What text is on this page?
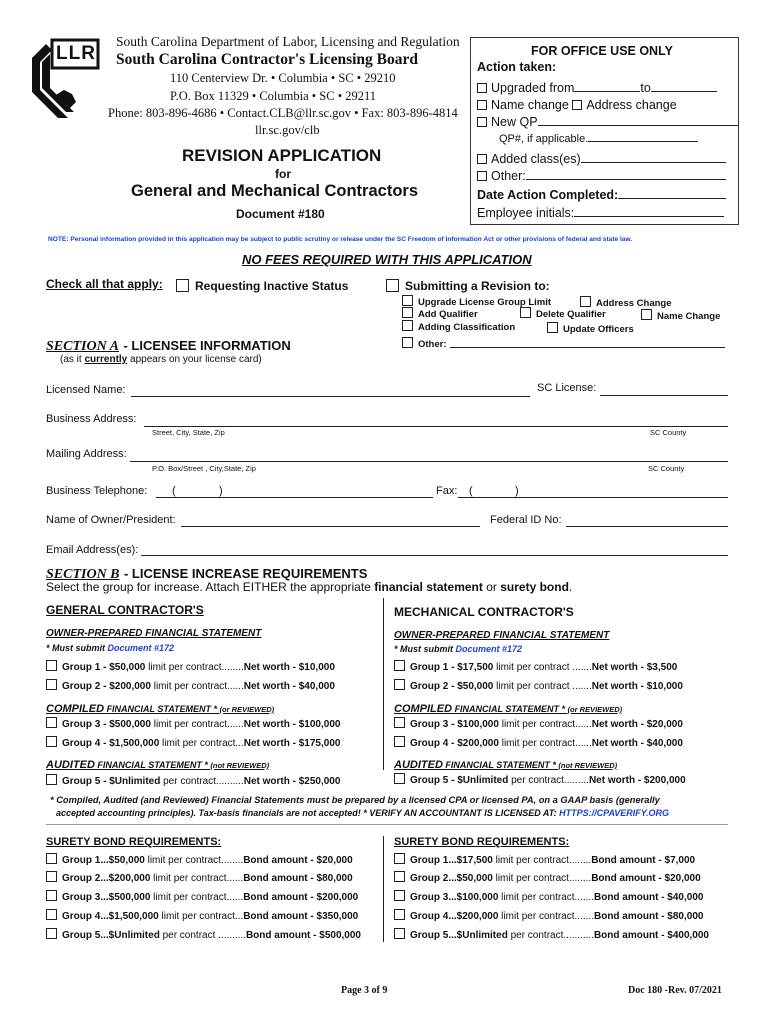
LLR
South Carolina Department of Labor, Licensing and Regulation
South Carolina Contractor's Licensing Board
110 Centerview Dr. • Columbia • SC • 29210
P.O. Box 11329 • Columbia • SC • 29211
Phone: 803-896-4686 • Contact.CLB@llr.sc.gov • Fax: 803-896-4814
llr.sc.gov/clb
REVISION APPLICATION
for
General and Mechanical Contractors
Document #180
FOR OFFICE USE ONLY
Action taken:
Upgraded from	to
Name change Address change
New QP
QP#, if applicable.
Added class(es)
Other:
Date Action Completed:
Employee initials:
NOTE: Personal information provided in this application may be subject to public scrutiny or release under the SC Freedom of Information Act or other provisions of federal and state law.
NO FEES REQUIRED WITH THIS APPLICATION
Check all that apply:	Requesting Inactive Status	Submitting a Revision to:
Upgrade License Group Limit	Address Change
Add Qualifier	Delete Qualifier	Name Change
Adding Classification	Update Officers
Other:
SECTION A - LICENSEE INFORMATION
(as it currently appears on your license card)
Licensed Name:	SC License:
Business Address:
Street, City, State, Zip	SC County
Mailing Address:
P.O. Box/Street , City,State, Zip	SC County
Business Telephone: (	)	Fax: (	)
Name of Owner/President:	Federal ID No:
Email Address(es):
SECTION B - LICENSE INCREASE REQUIREMENTS
Select the group for increase. Attach EITHER the appropriate financial statement or surety bond.
GENERAL CONTRACTOR'S
OWNER-PREPARED FINANCIAL STATEMENT
* Must submit Document #172
Group 1 - $50,000 limit per contract........Net worth - $10,000
Group 2 - $200,000 limit per contract......Net worth - $40,000
COMPILED FINANCIAL STATEMENT * (or REVIEWED)
Group 3 - $500,000 limit per contract......Net worth - $100,000
Group 4 - $1,500,000 limit per contract...Net worth - $175,000
AUDITED FINANCIAL STATEMENT * (not REVIEWED)
Group 5 - $Unlimited per contract..........Net worth - $250,000
MECHANICAL CONTRACTOR'S
OWNER-PREPARED FINANCIAL STATEMENT
* Must submit Document #172
Group 1 - $17,500 limit per contract .......Net worth - $3,500
Group 2 - $50,000 limit per contract .......Net worth - $10,000
COMPILED FINANCIAL STATEMENT * (or REVIEWED)
Group 3 - $100,000 limit per contract......Net worth - $20,000
Group 4 - $200,000 limit per contract......Net worth - $40,000
AUDITED FINANCIAL STATEMENT * (not REVIEWED)
Group 5 - $Unlimited per contract.........Net worth - $200,000
* Compiled, Audited (and Reviewed) Financial Statements must be prepared by a licensed CPA or licensed PA, on a GAAP basis (generally
accepted accounting principles). Tax-basis financials are not accepted! * VERIFY AN ACCOUNTANT IS LICENSED AT: HTTPS://CPAVERIFY.ORG
SURETY BOND REQUIREMENTS:
Group 1...$50,000 limit per contract........Bond amount - $20,000
Group 2...$200,000 limit per contract......Bond amount - $80,000
Group 3...$500,000 limit per contract......Bond amount - $200,000
Group 4...$1,500,000 limit per contract...Bond amount - $350,000
Group 5...$Unlimited per contract ..........Bond amount - $500,000
SURETY BOND REQUIREMENTS:
Group 1...$17,500 limit per contract........Bond amount - $7,000
Group 2...$50,000 limit per contract........Bond amount - $20,000
Group 3...$100,000 limit per contract.......Bond amount - $40,000
Group 4...$200,000 limit per contract.......Bond amount - $80,000
Group 5...$Unlimited per contract...........Bond amount - $400,000
Page 3 of 9	Doc 180 -Rev. 07/2021
